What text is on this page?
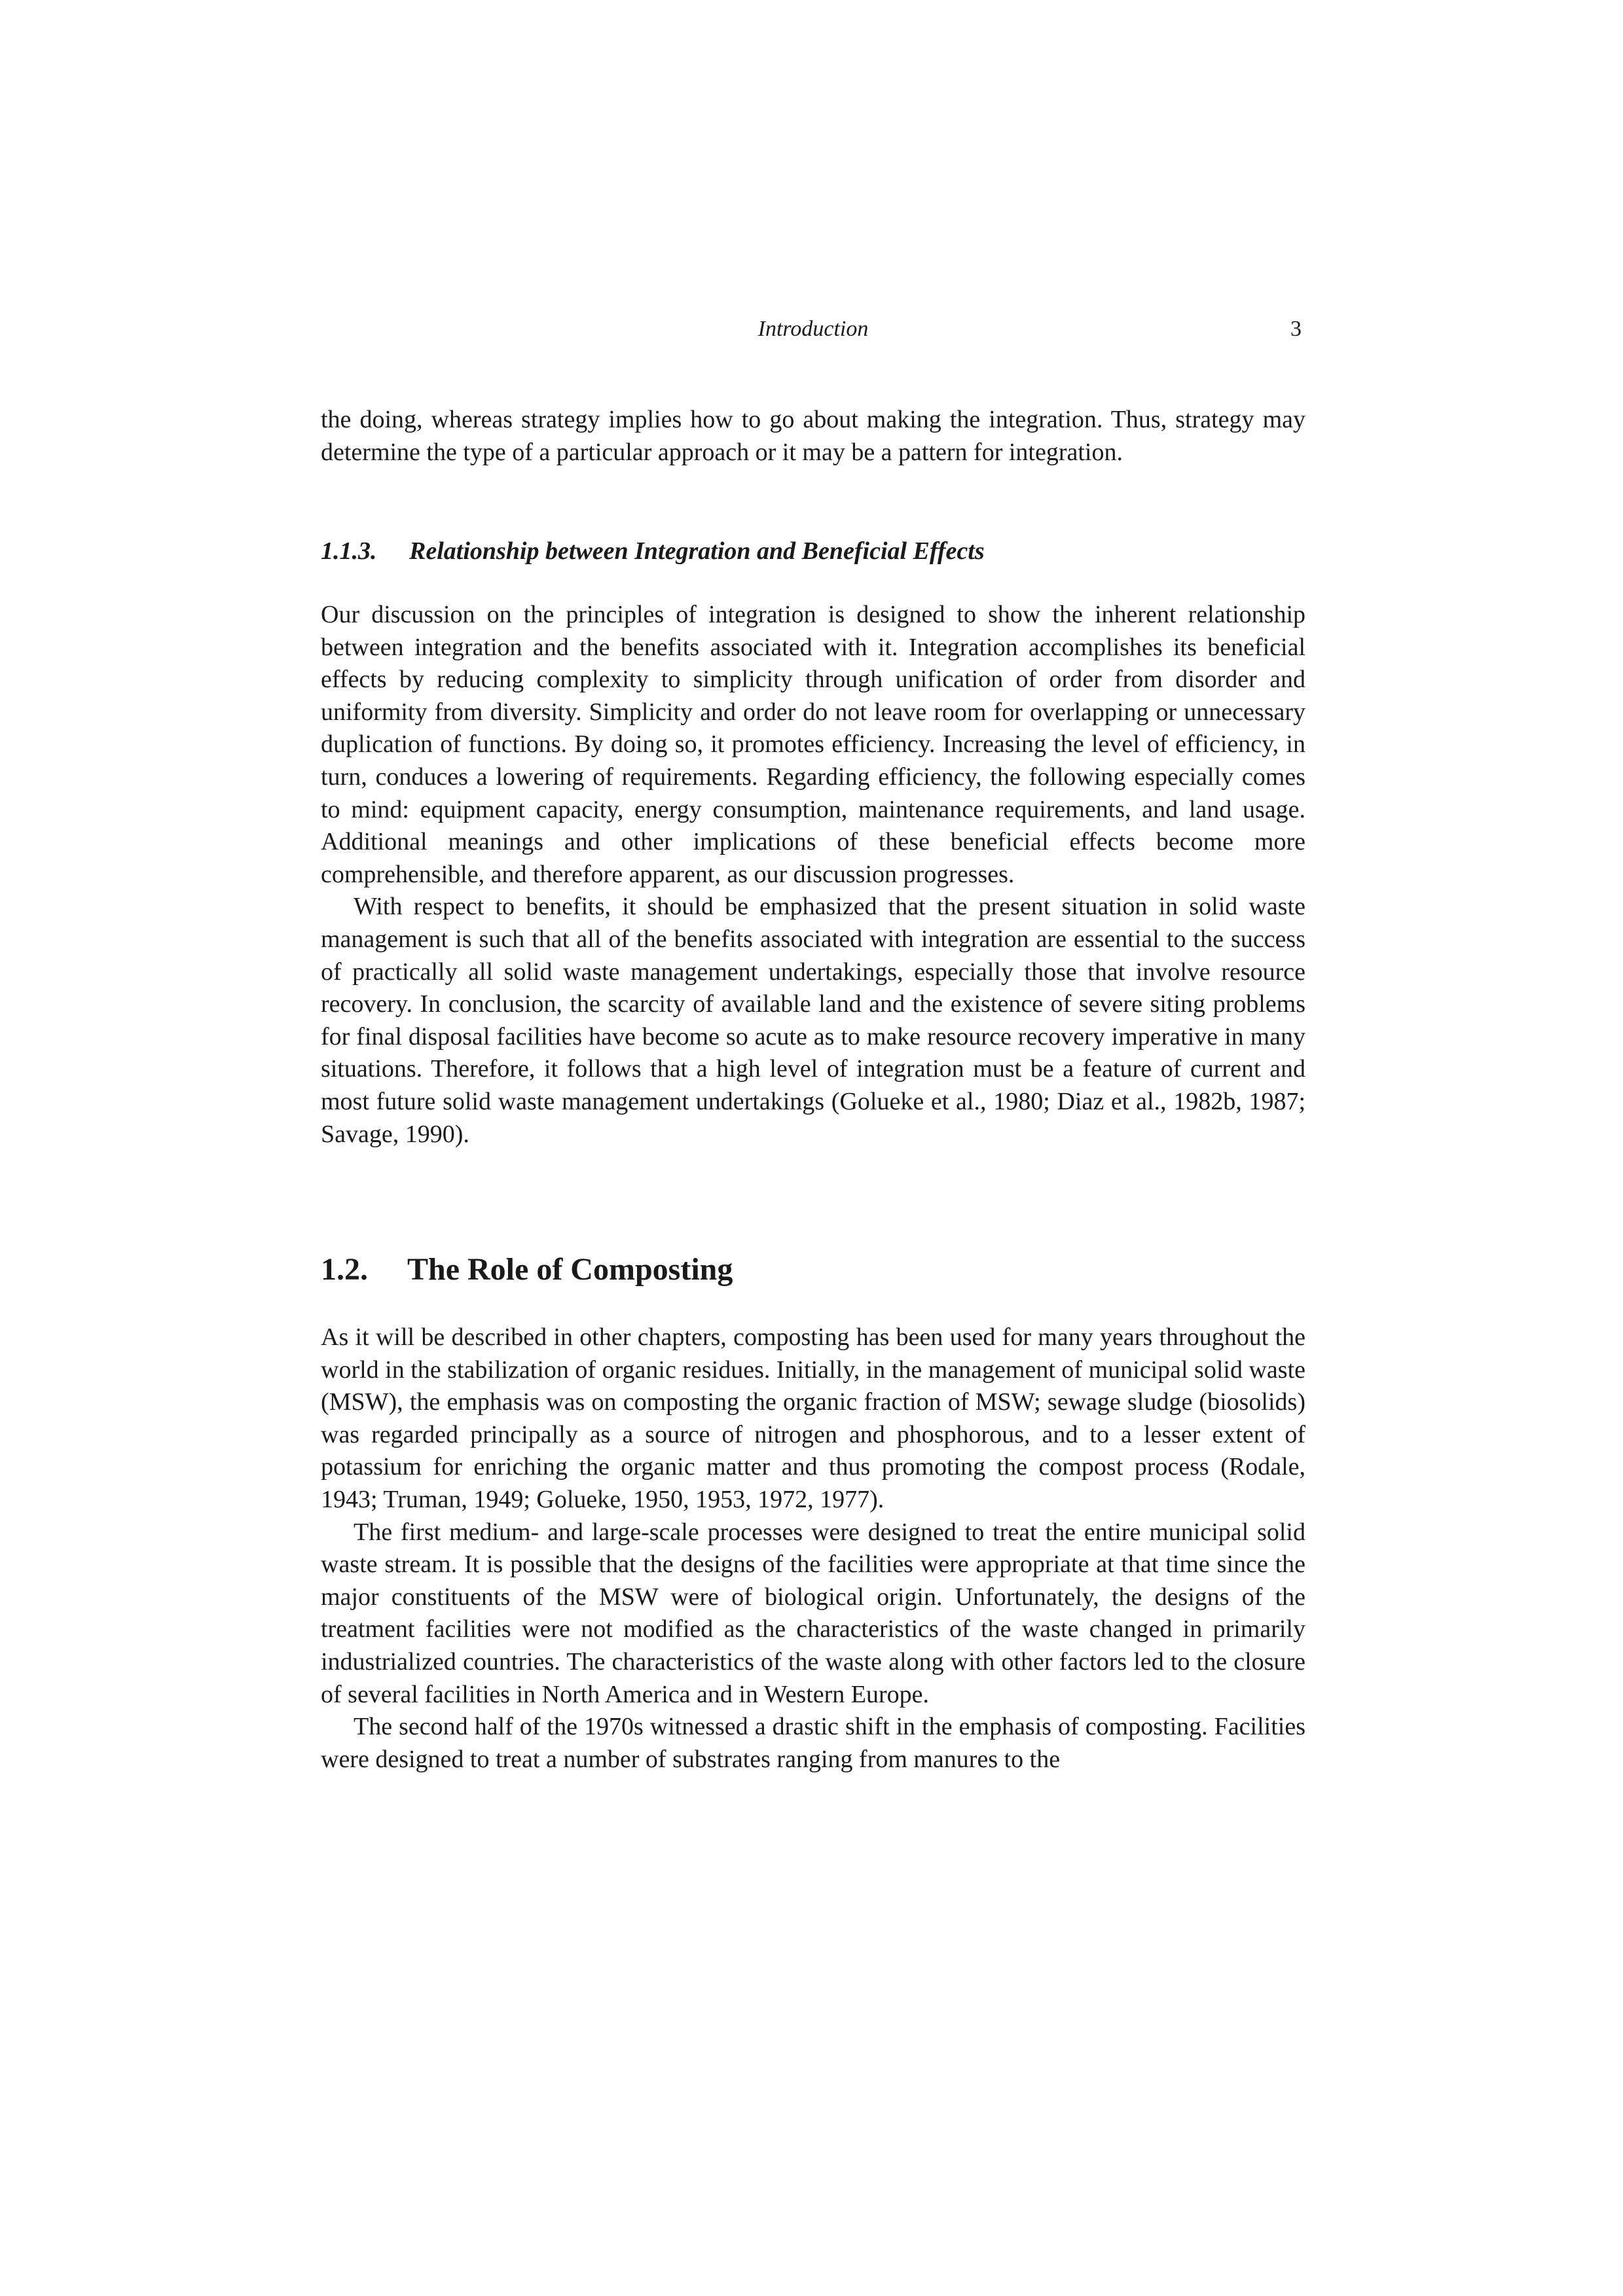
Introduction	3

the doing, whereas strategy implies how to go about making the integration. Thus, strategy may determine the type of a particular approach or it may be a pattern for integration.

1.1.3. Relationship between Integration and Beneficial Effects

Our discussion on the principles of integration is designed to show the inherent relationship between integration and the benefits associated with it. Integration accomplishes its beneficial effects by reducing complexity to simplicity through unification of order from disorder and uniformity from diversity. Simplicity and order do not leave room for overlapping or unnecessary duplication of functions. By doing so, it promotes efficiency. Increasing the level of efficiency, in turn, conduces a lowering of requirements. Regarding efficiency, the following especially comes to mind: equipment capacity, energy consumption, maintenance requirements, and land usage. Additional meanings and other implications of these beneficial effects become more comprehensible, and therefore apparent, as our discussion progresses.

With respect to benefits, it should be emphasized that the present situation in solid waste management is such that all of the benefits associated with integration are essential to the success of practically all solid waste management undertakings, especially those that involve resource recovery. In conclusion, the scarcity of available land and the existence of severe siting problems for final disposal facilities have become so acute as to make resource recovery imperative in many situations. Therefore, it follows that a high level of integration must be a feature of current and most future solid waste management undertakings (Golueke et al., 1980; Diaz et al., 1982b, 1987; Savage, 1990).

1.2. The Role of Composting

As it will be described in other chapters, composting has been used for many years throughout the world in the stabilization of organic residues. Initially, in the management of municipal solid waste (MSW), the emphasis was on composting the organic fraction of MSW; sewage sludge (biosolids) was regarded principally as a source of nitrogen and phosphorous, and to a lesser extent of potassium for enriching the organic matter and thus promoting the compost process (Rodale, 1943; Truman, 1949; Golueke, 1950, 1953, 1972, 1977).

The first medium- and large-scale processes were designed to treat the entire municipal solid waste stream. It is possible that the designs of the facilities were appropriate at that time since the major constituents of the MSW were of biological origin. Unfortunately, the designs of the treatment facilities were not modified as the characteristics of the waste changed in primarily industrialized countries. The characteristics of the waste along with other factors led to the closure of several facilities in North America and in Western Europe.

The second half of the 1970s witnessed a drastic shift in the emphasis of composting. Facilities were designed to treat a number of substrates ranging from manures to the
